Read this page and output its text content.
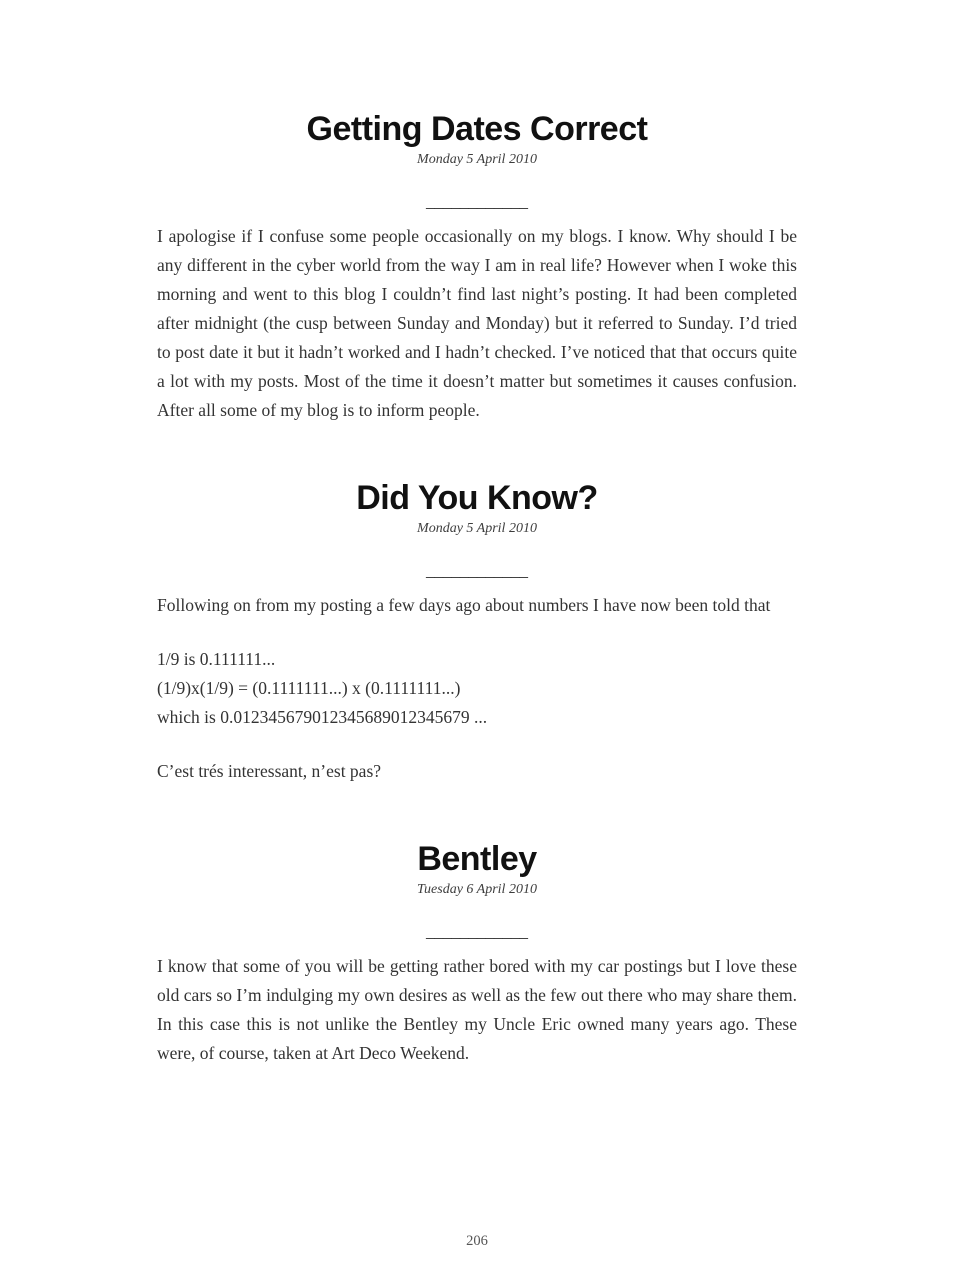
Getting Dates Correct
Monday 5 April 2010
____________

I apologise if I confuse some people occasionally on my blogs. I know. Why should I be any different in the cyber world from the way I am in real life? However when I woke this morning and went to this blog I couldn’t find last night’s posting. It had been completed after midnight (the cusp between Sunday and Monday) but it referred to Sunday. I’d tried to post date it but it hadn’t worked and I hadn’t checked. I’ve noticed that that occurs quite a lot with my posts. Most of the time it doesn’t matter but sometimes it causes confusion. After all some of my blog is to inform people.

Did You Know?
Monday 5 April 2010
____________

Following on from my posting a few days ago about numbers I have now been told that

1/9 is 0.111111...
(1/9)x(1/9) = (0.1111111...) x (0.1111111...)
which is 0.012345679012345689012345679 ...
C’est trés interessant, n’est pas?
Bentley
Tuesday 6 April 2010
____________

I know that some of you will be getting rather bored with my car postings but I love these old cars so I’m indulging my own desires as well as the few out there who may share them. In this case this is not unlike the Bentley my Uncle Eric owned many years ago. These were, of course, taken at Art Deco Weekend.

206
